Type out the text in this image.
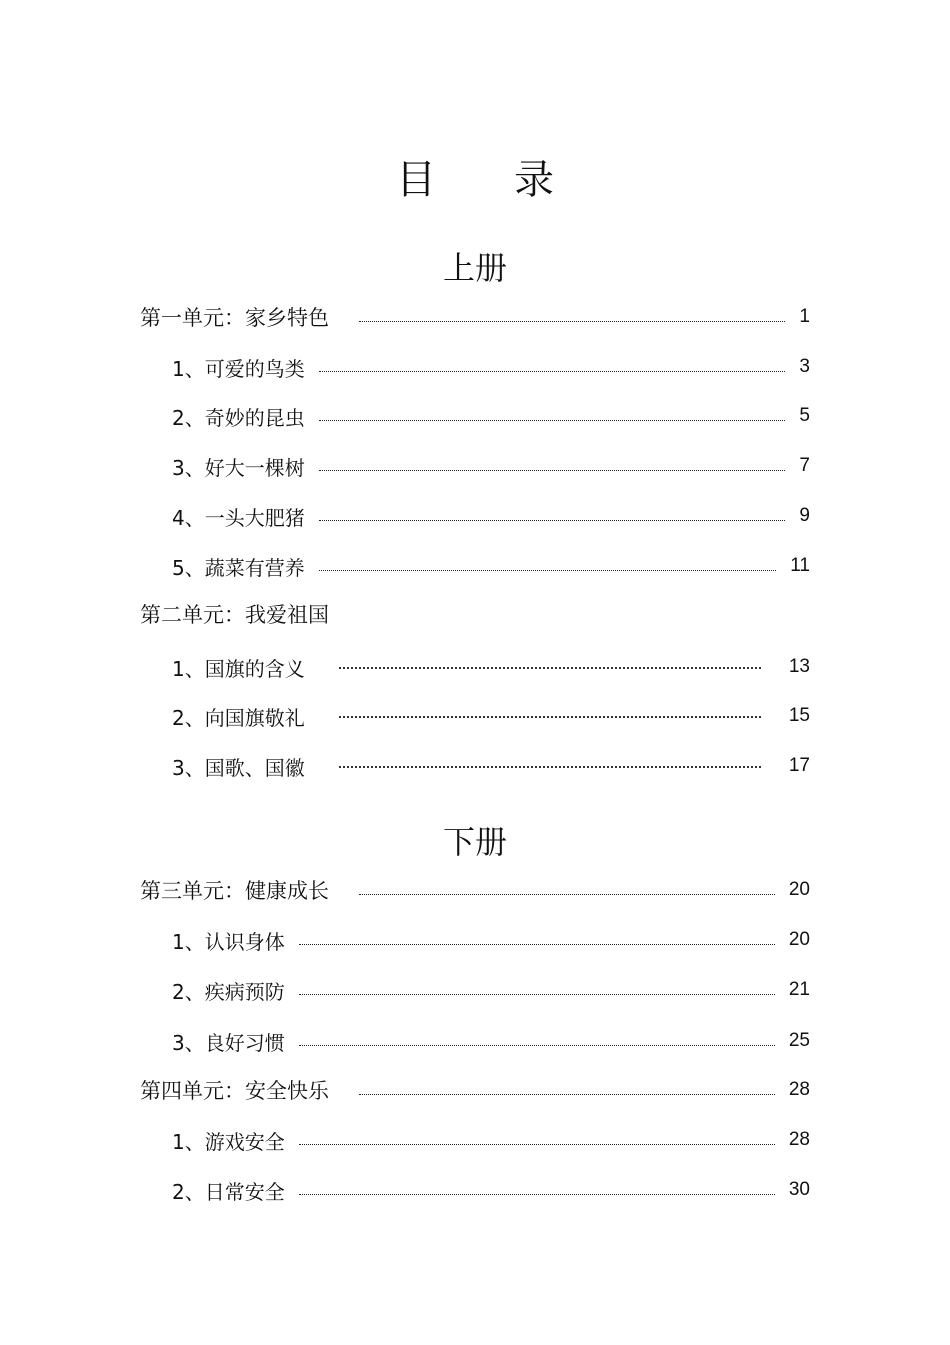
目录
上册
第一单元：家乡特色	1
1、可爱的鸟类	3
2、奇妙的昆虫	5
3、好大一棵树	7
4、一头大肥猪	9
5、蔬菜有营养	11
第二单元：我爱祖国
1、国旗的含义	13
2、向国旗敬礼	15
3、国歌、国徽	17
下册
第三单元：健康成长	20
1、认识身体	20
2、疾病预防	21
3、良好习惯	25
第四单元：安全快乐	28
1、游戏安全	28
2、日常安全	30
